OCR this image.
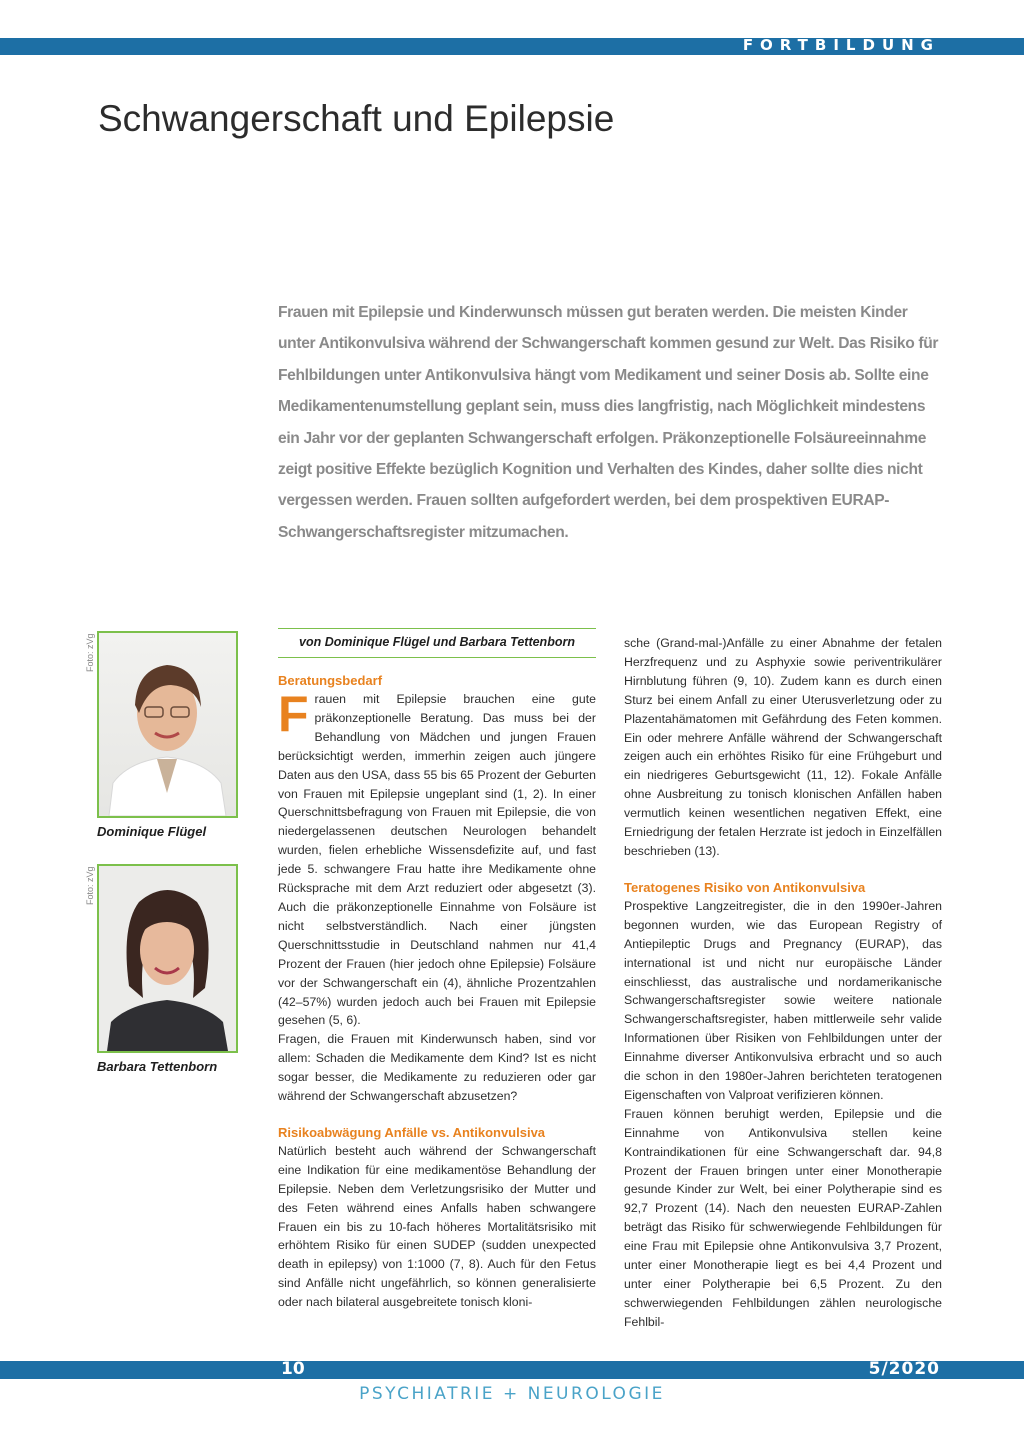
FORTBILDUNG
Schwangerschaft und Epilepsie

Frauen mit Epilepsie und Kinderwunsch müssen gut beraten werden. Die meisten Kinder unter Antikonvulsiva während der Schwangerschaft kommen gesund zur Welt. Das Risiko für Fehlbildungen unter Antikonvulsiva hängt vom Medikament und seiner Dosis ab. Sollte eine Medikamentenumstellung geplant sein, muss dies langfristig, nach Möglichkeit mindestens ein Jahr vor der geplanten Schwangerschaft erfolgen. Präkonzeptionelle Folsäureeinnahme zeigt positive Effekte bezüglich Kognition und Verhalten des Kindes, daher sollte dies nicht vergessen werden. Frauen sollten aufgefordert werden, bei dem prospektiven EURAP- Schwangerschaftsregister mitzumachen.

Foto: zVg
Dominique Flügel
Foto: zVg
Barbara Tettenborn
von Dominique Flügel und Barbara Tettenborn

Beratungsbedarf

Frauen mit Epilepsie brauchen eine gute präkonzeptionelle Beratung. Das muss bei der Behandlung von Mädchen und jungen Frauen berücksichtigt werden, immerhin zeigen auch jüngere Daten aus den USA, dass 55 bis 65 Prozent der Geburten von Frauen mit Epilepsie ungeplant sind (1, 2). In einer Querschnittsbefragung von Frauen mit Epilepsie, die von niedergelassenen deutschen Neurologen behandelt wurden, fielen erhebliche Wissensdefizite auf, und fast jede 5. schwangere Frau hatte ihre Medikamente ohne Rücksprache mit dem Arzt reduziert oder abgesetzt (3). Auch die präkonzeptionelle Einnahme von Folsäure ist nicht selbstverständlich. Nach einer jüngsten Querschnittsstudie in Deutschland nahmen nur 41,4 Prozent der Frauen (hier jedoch ohne Epilepsie) Folsäure vor der Schwangerschaft ein (4), ähnliche Prozentzahlen (42–57%) wurden jedoch auch bei Frauen mit Epilepsie gesehen (5, 6).

Fragen, die Frauen mit Kinderwunsch haben, sind vor allem: Schaden die Medikamente dem Kind? Ist es nicht sogar besser, die Medikamente zu reduzieren oder gar während der Schwangerschaft abzusetzen?

Risikoabwägung Anfälle vs. Antikonvulsiva

Natürlich besteht auch während der Schwangerschaft eine Indikation für eine medikamentöse Behandlung der Epilepsie. Neben dem Verletzungsrisiko der Mutter und des Feten während eines Anfalls haben schwangere Frauen ein bis zu 10-fach höheres Mortalitätsrisiko mit erhöhtem Risiko für einen SUDEP (sudden unexpected death in epilepsy) von 1:1000 (7, 8). Auch für den Fetus sind Anfälle nicht ungefährlich, so können generalisierte oder nach bilateral ausgebreitete tonisch kloni-

sche (Grand-mal-)Anfälle zu einer Abnahme der fetalen Herzfrequenz und zu Asphyxie sowie periventrikulärer Hirnblutung führen (9, 10). Zudem kann es durch einen Sturz bei einem Anfall zu einer Uterusverletzung oder zu Plazentahämatomen mit Gefährdung des Feten kommen. Ein oder mehrere Anfälle während der Schwangerschaft zeigen auch ein erhöhtes Risiko für eine Frühgeburt und ein niedrigeres Geburtsgewicht (11, 12). Fokale Anfälle ohne Ausbreitung zu tonisch klonischen Anfällen haben vermutlich keinen wesentlichen negativen Effekt, eine Erniedrigung der fetalen Herzrate ist jedoch in Einzelfällen beschrieben (13).

Teratogenes Risiko von Antikonvulsiva

Prospektive Langzeitregister, die in den 1990er-Jahren begonnen wurden, wie das European Registry of Antiepileptic Drugs and Pregnancy (EURAP), das international ist und nicht nur europäische Länder einschliesst, das australische und nordamerikanische Schwangerschaftsregister sowie weitere nationale Schwangerschaftsregister, haben mittlerweile sehr valide Informationen über Risiken von Fehlbildungen unter der Einnahme diverser Antikonvulsiva erbracht und so auch die schon in den 1980er-Jahren berichteten teratogenen Eigenschaften von Valproat verifizieren können.

Frauen können beruhigt werden, Epilepsie und die Einnahme von Antikonvulsiva stellen keine Kontraindikationen für eine Schwangerschaft dar. 94,8 Prozent der Frauen bringen unter einer Monotherapie gesunde Kinder zur Welt, bei einer Polytherapie sind es 92,7 Prozent (14). Nach den neuesten EURAP-Zahlen beträgt das Risiko für schwerwiegende Fehlbildungen für eine Frau mit Epilepsie ohne Antikonvulsiva 3,7 Prozent, unter einer Monotherapie liegt es bei 4,4 Prozent und unter einer Polytherapie bei 6,5 Prozent. Zu den schwerwiegenden Fehlbildungen zählen neurologische Fehlbil-

10	5/2020
PSYCHIATRIE + NEUROLOGIE
